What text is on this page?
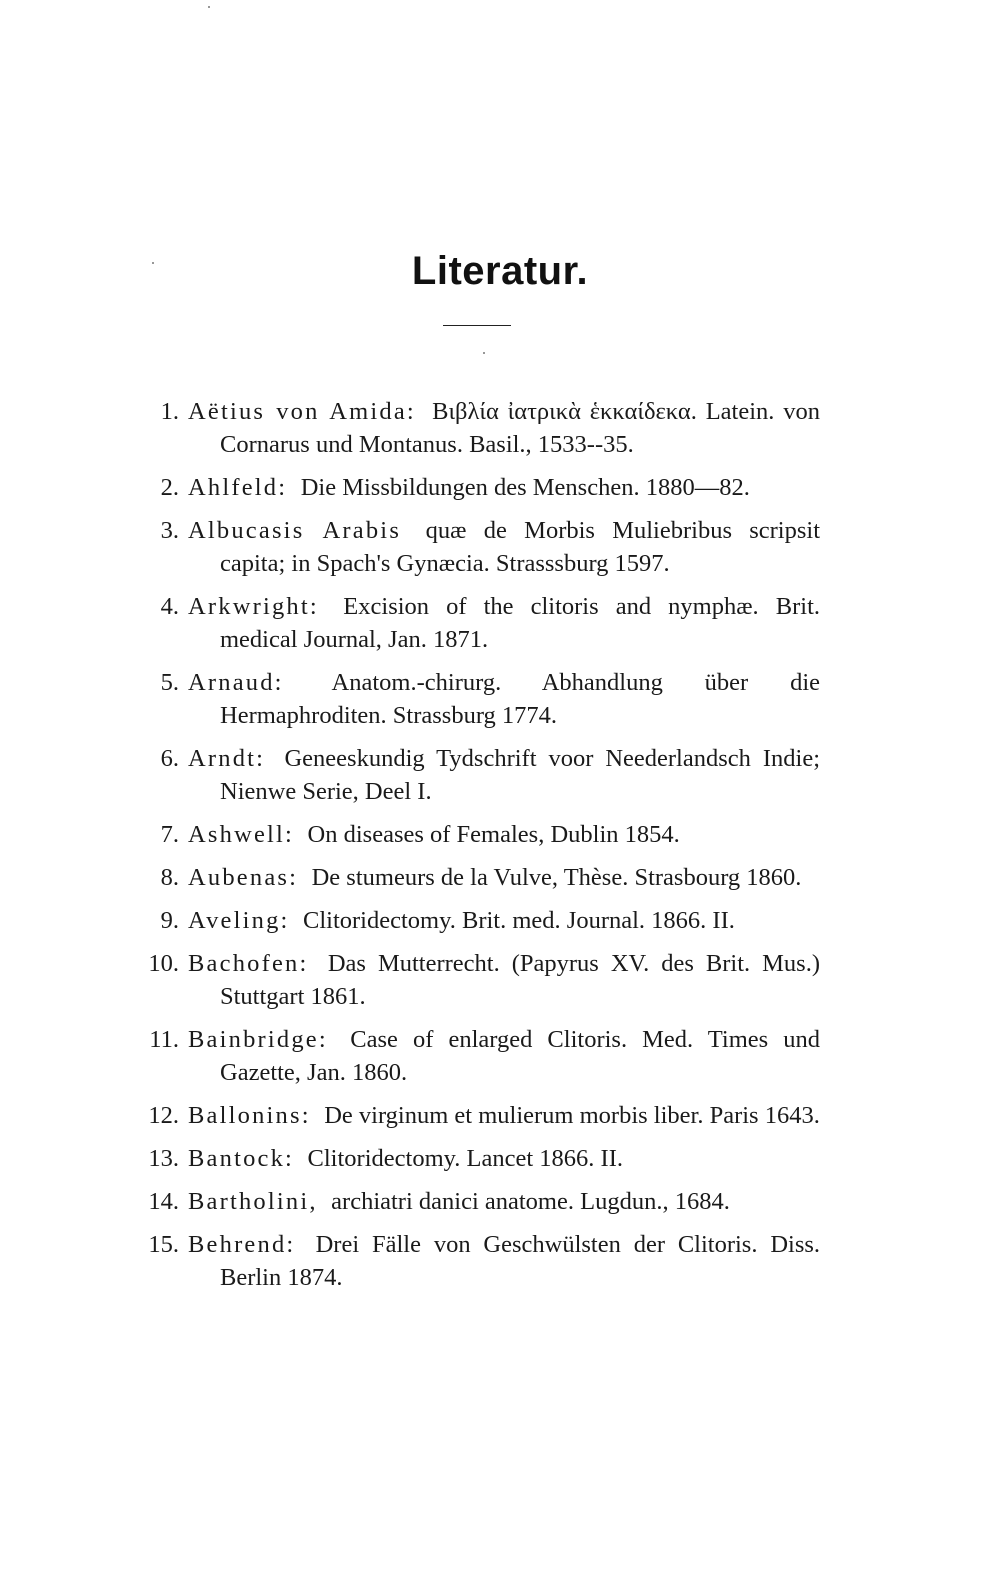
Literatur.
1. Aëtius von Amida: Βιβλία ἰατρικὰ ἑκκαίδεκα. Latein. von Cornarus und Montanus. Basil., 1533--35.
2. Ahlfeld: Die Missbildungen des Menschen. 1880—82.
3. Albucasis Arabis quæ de Morbis Muliebribus scripsit capita; in Spach's Gynæcia. Strasssburg 1597.
4. Arkwright: Excision of the clitoris and nymphæ. Brit. medical Journal, Jan. 1871.
5. Arnaud: Anatom.-chirurg. Abhandlung über die Hermaphroditen. Strassburg 1774.
6. Arndt: Geneeskundig Tydschrift voor Neederlandsch Indie; Nienwe Serie, Deel I.
7. Ashwell: On diseases of Females, Dublin 1854.
8. Aubenas: De stumeurs de la Vulve, Thèse. Strasbourg 1860.
9. Aveling: Clitoridectomy. Brit. med. Journal. 1866. II.
10. Bachofen: Das Mutterrecht. (Papyrus XV. des Brit. Mus.) Stuttgart 1861.
11. Bainbridge: Case of enlarged Clitoris. Med. Times und Gazette, Jan. 1860.
12. Ballonins: De virginum et mulierum morbis liber. Paris 1643.
13. Bantock: Clitoridectomy. Lancet 1866. II.
14. Bartholini, archiatri danici anatome. Lugdun., 1684.
15. Behrend: Drei Fälle von Geschwülsten der Clitoris. Diss. Berlin 1874.
